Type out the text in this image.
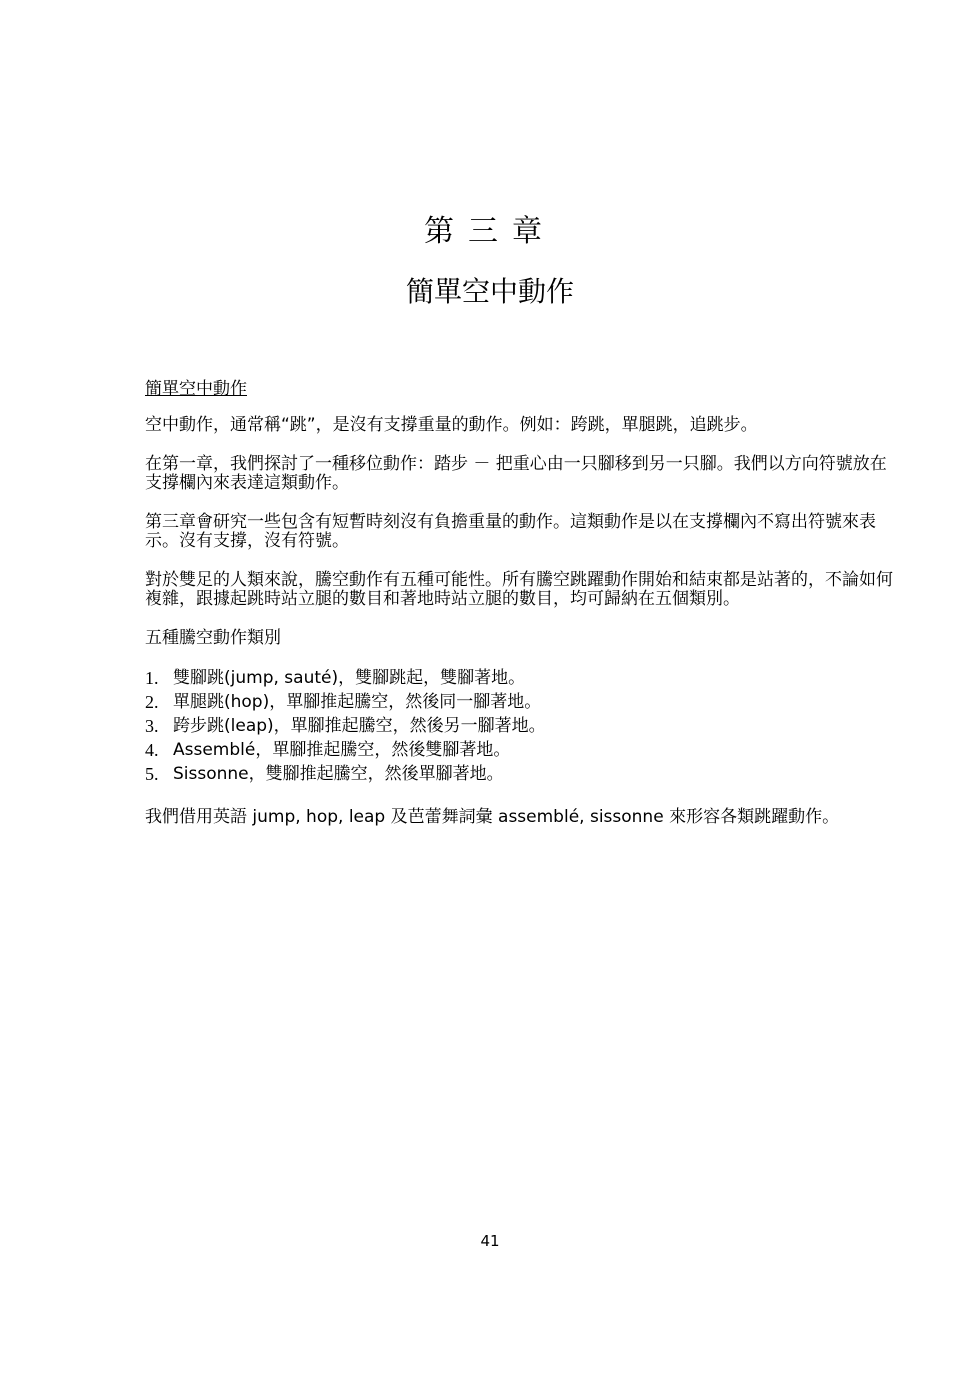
第三章
簡單空中動作
簡單空中動作

空中動作，通常稱“跳”，是沒有支撐重量的動作。例如：跨跳，單腿跳，追跳步。

在第一章，我們探討了一種移位動作：踏步 － 把重心由一只腳移到另一只腳。我們以方向符號放在支撐欄內來表達這類動作。

第三章會研究一些包含有短暫時刻沒有負擔重量的動作。這類動作是以在支撐欄內不寫出符號來表示。沒有支撐，沒有符號。

對於雙足的人類來說，騰空動作有五種可能性。所有騰空跳躍動作開始和結束都是站著的，不論如何複雜，跟據起跳時站立腿的數目和著地時站立腿的數目，均可歸納在五個類別。

五種騰空動作類別

1. 雙腳跳(jump, sauté)，雙腳跳起，雙腳著地。
2. 單腿跳(hop)，單腳推起騰空，然後同一腳著地。
3. 跨步跳(leap)，單腳推起騰空，然後另一腳著地。
4. Assemblé，單腳推起騰空，然後雙腳著地。
5. Sissonne，雙腳推起騰空，然後單腳著地。

我們借用英語 jump, hop, leap 及芭蕾舞詞彙 assemblé, sissonne 來形容各類跳躍動作。

41
